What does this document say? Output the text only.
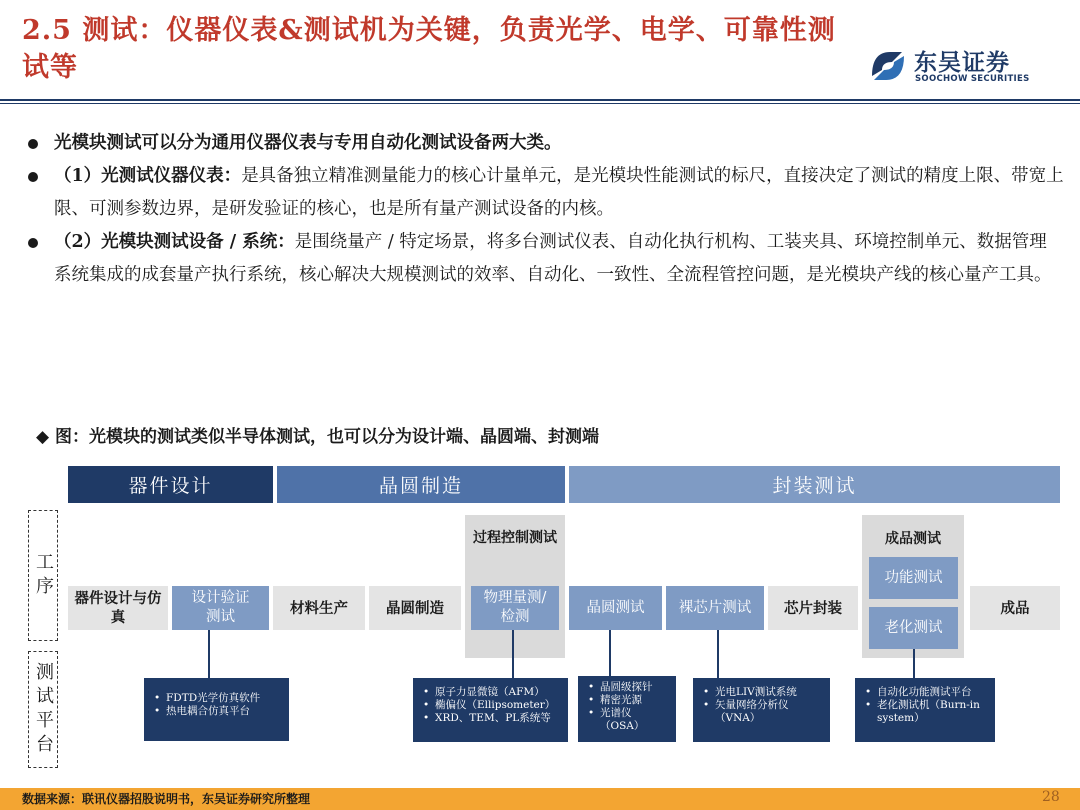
2.5 测试：仪器仪表&测试机为关键，负责光学、电学、可靠性测试等	东吴证券
SOOCHOW SECURITIES
光模块测试可以分为通用仪器仪表与专用自动化测试设备两大类。
（1）光测试仪器仪表：是具备独立精准测量能力的核心计量单元，是光模块性能测试的标尺，直接决定了测试的精度上限、带宽上限、可测参数边界，是研发验证的核心，也是所有量产测试设备的内核。
（2）光模块测试设备 / 系统：是围绕量产 / 特定场景，将多台测试仪表、自动化执行机构、工装夹具、环境控制单元、数据管理系统集成的成套量产执行系统，核心解决大规模测试的效率、自动化、一致性、全流程管控问题，是光模块产线的核心量产工具。
◆ 图：光模块的测试类似半导体测试，也可以分为设计端、晶圆端、封测端
器件设计	晶圆制造	封装测试
工序
测试平台
过程控制测试	成品测试
器件设计与仿真
设计验证测试
材料生产	晶圆制造
物理量测/检测
晶圆测试	裸芯片测试	芯片封装
功能测试
老化测试
成品
• FDTD光学仿真软件
• 热电耦合仿真平台
• 原子力显微镜（AFM）
• 椭偏仪（Ellipsometer）
• XRD、TEM、PL系统等
• 晶圆级探针
• 精密光源
• 光谱仪（OSA）
• 光电LIV测试系统
• 矢量网络分析仪（VNA）
• 自动化功能测试平台
• 老化测试机（Burn-in system）
数据来源：联讯仪器招股说明书，东吴证券研究所整理	28
